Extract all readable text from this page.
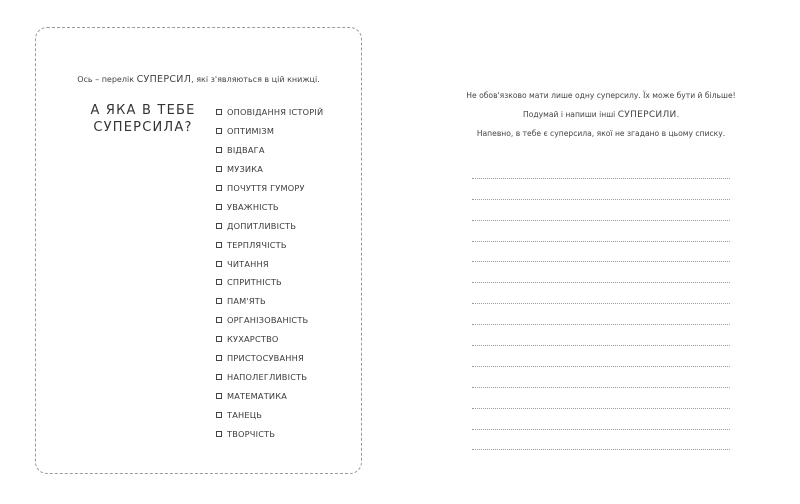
Ось – перелік СУПЕРСИЛ, які з'являються в цій книжці.
А ЯКА В ТЕБЕ
СУПЕРСИЛА?
ОПОВІДАННЯ ІСТОРІЙ
ОПТИМІЗМ
ВІДВАГА
МУЗИКА
ПОЧУТТЯ ГУМОРУ
УВАЖНІСТЬ
ДОПИТЛИВІСТЬ
ТЕРПЛЯЧІСТЬ
ЧИТАННЯ
СПРИТНІСТЬ
ПАМ'ЯТЬ
ОРГАНІЗОВАНІСТЬ
КУХАРСТВО
ПРИСТОСУВАННЯ
НАПОЛЕГЛИВІСТЬ
МАТЕМАТИКА
ТАНЕЦЬ
ТВОРЧІСТЬ
Не обов'язково мати лише одну суперсилу. Їх може бути й більше!
Подумай і напиши інші СУПЕРСИЛИ.
Напевно, в тебе є суперсила, якої не згадано в цьому списку.
